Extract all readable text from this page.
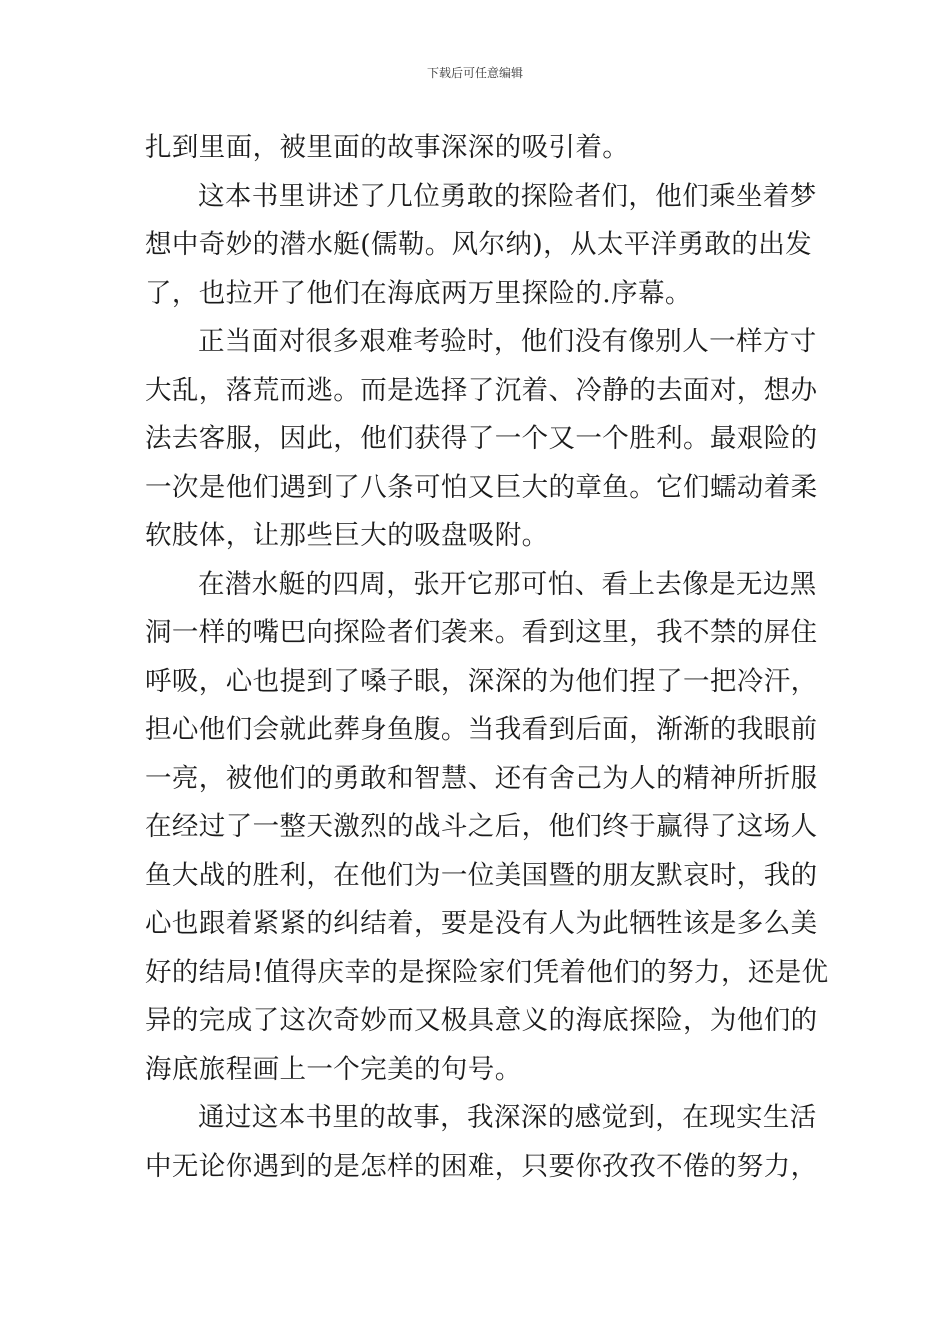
下载后可任意编辑
扎到里面，被里面的故事深深的吸引着。
这本书里讲述了几位勇敢的探险者们，他们乘坐着梦
想中奇妙的潜水艇(儒勒。风尔纳)，从太平洋勇敢的出发
了，也拉开了他们在海底两万里探险的.序幕。
正当面对很多艰难考验时，他们没有像别人一样方寸
大乱，落荒而逃。而是选择了沉着、冷静的去面对，想办
法去客服，因此，他们获得了一个又一个胜利。最艰险的
一次是他们遇到了八条可怕又巨大的章鱼。它们蠕动着柔
软肢体，让那些巨大的吸盘吸附。
在潜水艇的四周，张开它那可怕、看上去像是无边黑
洞一样的嘴巴向探险者们袭来。看到这里，我不禁的屏住
呼吸，心也提到了嗓子眼，深深的为他们捏了一把冷汗，
担心他们会就此葬身鱼腹。当我看到后面，渐渐的我眼前
一亮，被他们的勇敢和智慧、还有舍己为人的精神所折服
在经过了一整天激烈的战斗之后，他们终于赢得了这场人
鱼大战的胜利，在他们为一位美国暨的朋友默哀时，我的
心也跟着紧紧的纠结着，要是没有人为此牺牲该是多么美
好的结局!值得庆幸的是探险家们凭着他们的努力，还是优
异的完成了这次奇妙而又极具意义的海底探险，为他们的
海底旅程画上一个完美的句号。
通过这本书里的故事，我深深的感觉到，在现实生活
中无论你遇到的是怎样的困难，只要你孜孜不倦的努力，
